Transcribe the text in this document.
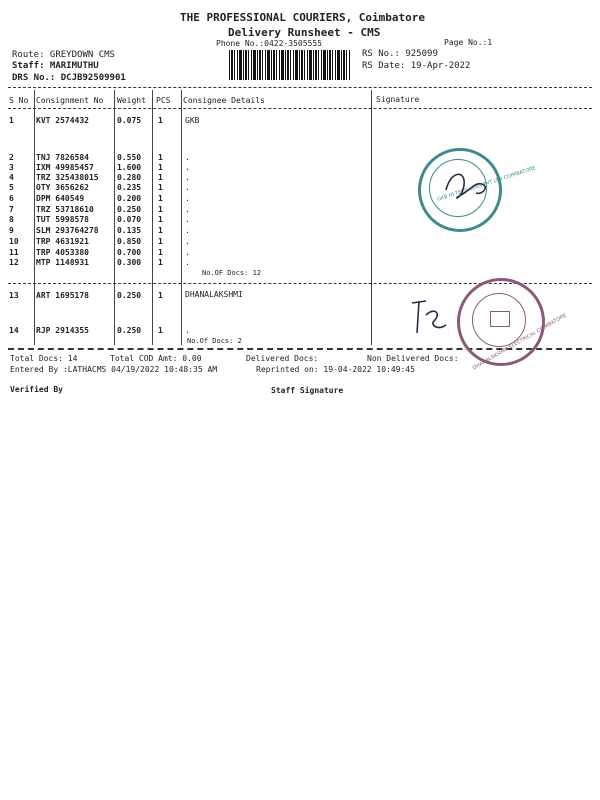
THE PROFESSIONAL COURIERS, Coimbatore
Delivery Runsheet - CMS
Phone No.:0422-3505555	Page No.:1
Route: GREYDOWN CMS
Staff: MARIMUTHU
DRS No.: DCJB92509901
RS No.: 925099
RS Date: 19-Apr-2022
S No Consignment No Weight PCS Consignee Details	Signature
1	KVT 2574432	0.075 1	GKB
2	TNJ 7826584	0.550 1	.
3	IXM 49985457	1.600 1	.
4	TRZ 325438015 0.280 1	.
5	OTY 3656262	0.235 1	.
6	DPM 640549	0.200 1	.
7	TRZ 53718610	0.250 1	.
8	TUT 5998578	0.070 1	.
9	SLM 293764278 0.135 1	.
10 TRP 4631921	0.850 1	.
11 TRP 4053380	0.700 1	.
12 MTP 1148931	0.300 1	.
No.OF Docs: 12
13 ART 1695178	0.250 1	DHANALAKSHMI
14 RJP 2914355	0.250 1	.
No.Of Docs: 2
GKB HI-TECH LENS PVT LTD COIMBATORE
DHANALAKSHMI ELECTRICAL COIMBATORE
Total Docs: 14	Total COD Amt: 0.00	Delivered Docs:	Non Delivered Docs:
Entered By :LATHACMS 04/19/2022 10:48:35 AM	Reprinted on: 19-04-2022 10:49:45
Verified By	Staff Signature
